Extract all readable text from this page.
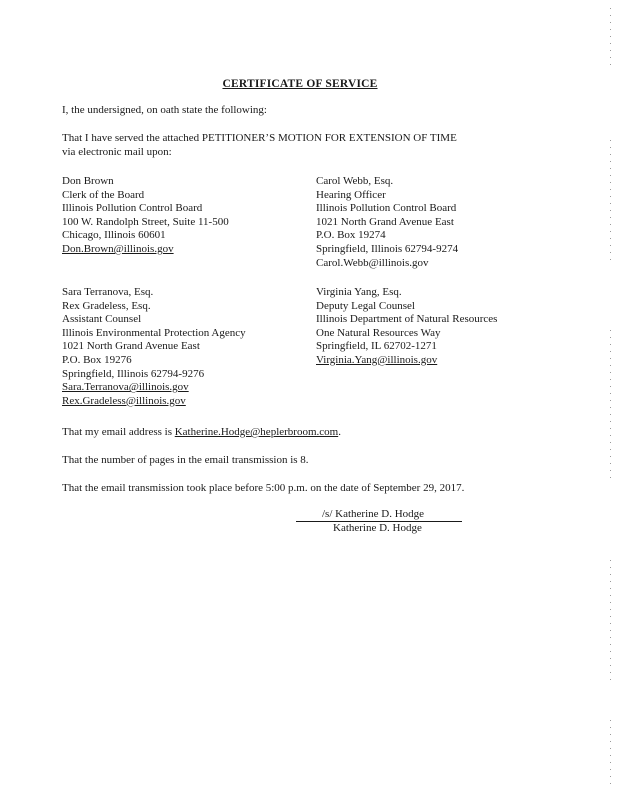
CERTIFICATE OF SERVICE
I, the undersigned, on oath state the following:
That I have served the attached PETITIONER’S MOTION FOR EXTENSION OF TIME
via electronic mail upon:
Don Brown
Clerk of the Board
Illinois Pollution Control Board
100 W. Randolph Street, Suite 11-500
Chicago, Illinois 60601
Don.Brown@illinois.gov
Carol Webb, Esq.
Hearing Officer
Illinois Pollution Control Board
1021 North Grand Avenue East
P.O. Box 19274
Springfield, Illinois 62794-9274
Carol.Webb@illinois.gov
Sara Terranova, Esq.
Rex Gradeless, Esq.
Assistant Counsel
Illinois Environmental Protection Agency
1021 North Grand Avenue East
P.O. Box 19276
Springfield, Illinois 62794-9276
Sara.Terranova@illinois.gov
Rex.Gradeless@illinois.gov
Virginia Yang, Esq.
Deputy Legal Counsel
Illinois Department of Natural Resources
One Natural Resources Way
Springfield, IL 62702-1271
Virginia.Yang@illinois.gov
That my email address is Katherine.Hodge@heplerbroom.com.
That the number of pages in the email transmission is 8.
That the email transmission took place before 5:00 p.m. on the date of September 29, 2017.
/s/ Katherine D. Hodge
Katherine D. Hodge
